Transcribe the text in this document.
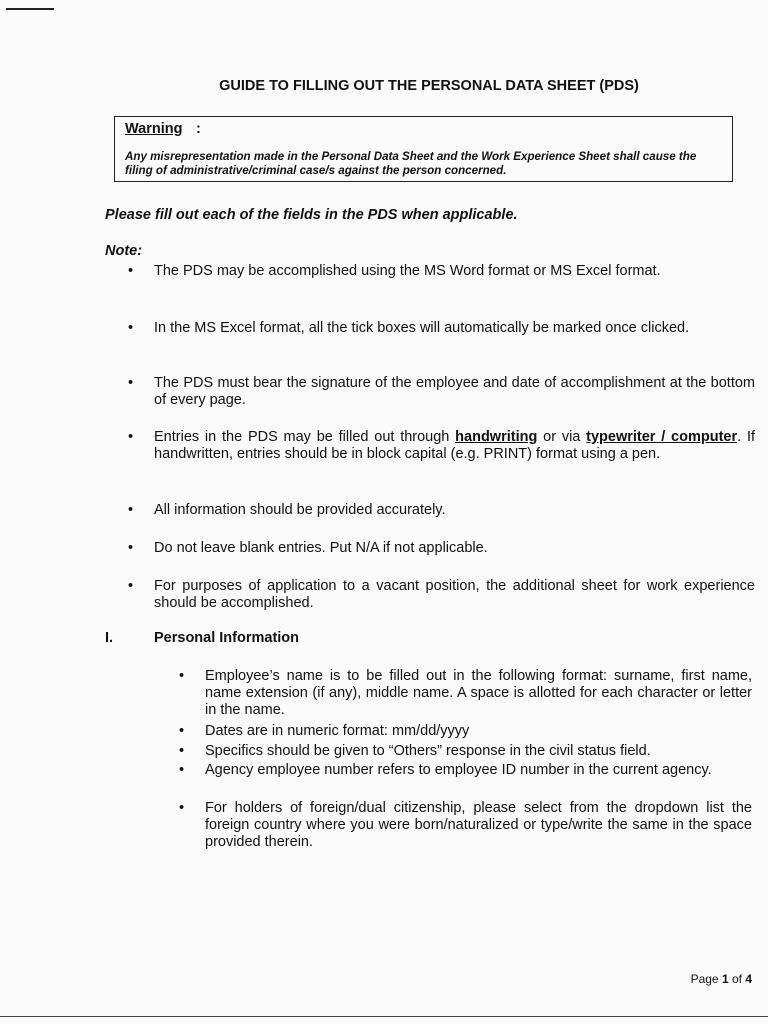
GUIDE TO FILLING OUT THE PERSONAL DATA SHEET (PDS)
Warning :
Any misrepresentation made in the Personal Data Sheet and the Work Experience Sheet shall cause the filing of administrative/criminal case/s against the person concerned.
Please fill out each of the fields in the PDS when applicable.
Note:
• The PDS may be accomplished using the MS Word format or MS Excel format.
• In the MS Excel format, all the tick boxes will automatically be marked once clicked.
• The PDS must bear the signature of the employee and date of accomplishment at the bottom of every page.
• Entries in the PDS may be filled out through handwriting or via typewriter / computer. If handwritten, entries should be in block capital (e.g. PRINT) format using a pen.
• All information should be provided accurately.
• Do not leave blank entries. Put N/A if not applicable.
• For purposes of application to a vacant position, the additional sheet for work experience should be accomplished.
I.	Personal Information
• Employee’s name is to be filled out in the following format: surname, first name, name extension (if any), middle name. A space is allotted for each character or letter in the name.
• Dates are in numeric format: mm/dd/yyyy
• Specifics should be given to “Others” response in the civil status field.
• Agency employee number refers to employee ID number in the current agency.
• For holders of foreign/dual citizenship, please select from the dropdown list the foreign country where you were born/naturalized or type/write the same in the space provided therein.
Page 1 of 4
